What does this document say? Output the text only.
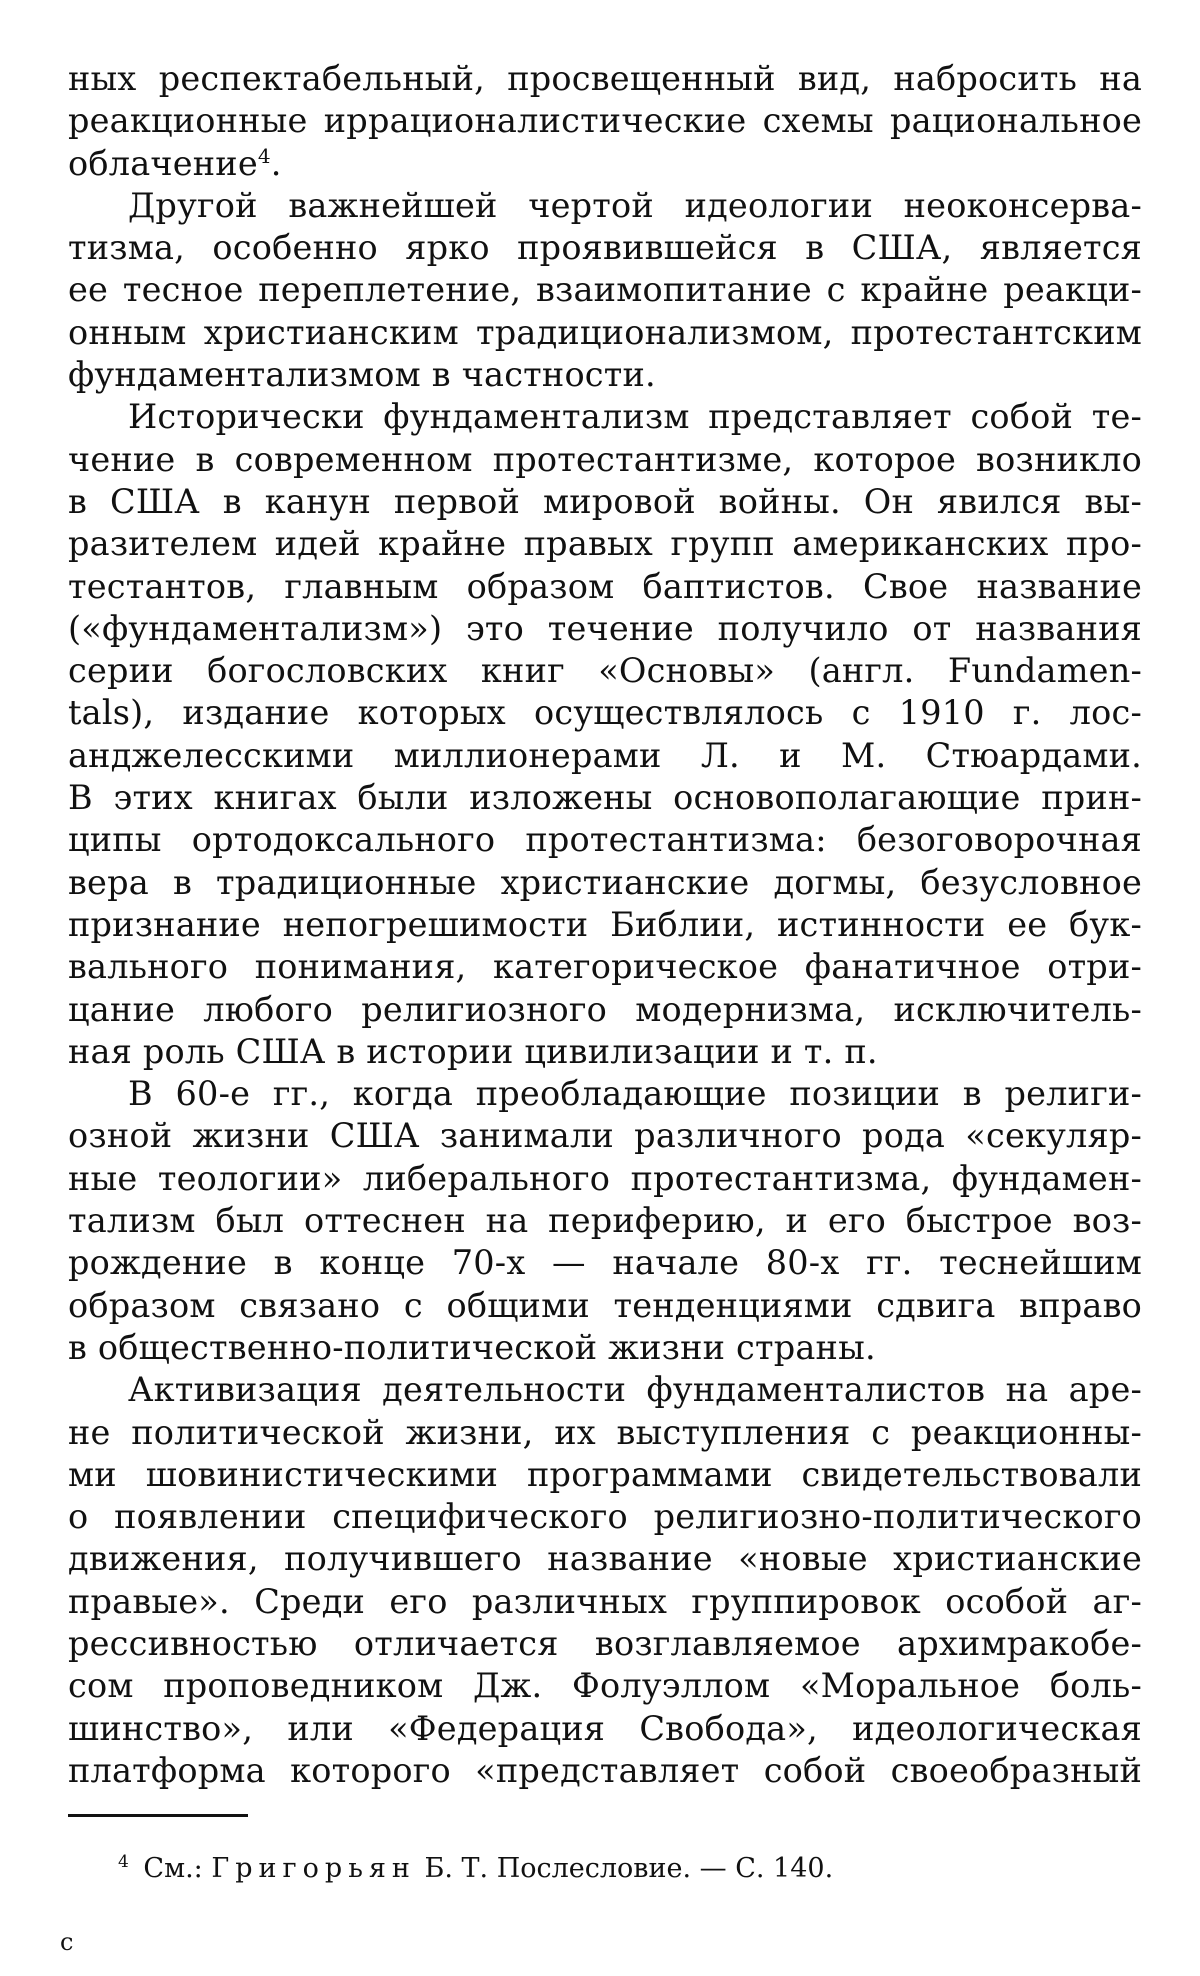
ных респектабельный, просвещенный вид, набросить на
реакционные иррационалистические схемы рациональное
облачение$^4$.
Другой важнейшей чертой идеологии неоконсерва-
тизма, особенно ярко проявившейся в США, является
ее тесное переплетение, взаимопитание с крайне реакци-
онным христианским традиционализмом, протестантским
фундаментализмом в частности.
Исторически фундаментализм представляет собой те-
чение в современном протестантизме, которое возникло
в США в канун первой мировой войны. Он явился вы-
разителем идей крайне правых групп американских про-
тестантов, главным образом баптистов. Свое название
(«фундаментализм») это течение получило от названия
серии богословских книг «Основы» (англ. Fundamen-
tals), издание которых осуществлялось с 1910 г. лос-
анджелесскими миллионерами Л. и М. Стюардами.
В этих книгах были изложены основополагающие прин-
ципы ортодоксального протестантизма: безоговорочная
вера в традиционные христианские догмы, безусловное
признание непогрешимости Библии, истинности ее бук-
вального понимания, категорическое фанатичное отри-
цание любого религиозного модернизма, исключитель-
ная роль США в истории цивилизации и т. п.
В 60-е гг., когда преобладающие позиции в религи-
озной жизни США занимали различного рода «секуляр-
ные теологии» либерального протестантизма, фундамен-
тализм был оттеснен на периферию, и его быстрое воз-
рождение в конце 70-х — начале 80-х гг. теснейшим
образом связано с общими тенденциями сдвига вправо
в общественно-политической жизни страны.
Активизация деятельности фундаменталистов на аре-
не политической жизни, их выступления с реакционны-
ми шовинистическими программами свидетельствовали
о появлении специфического религиозно-политического
движения, получившего название «новые христианские
правые». Среди его различных группировок особой аг-
рессивностью отличается возглавляемое архимракобе-
сом проповедником Дж. Фолуэллом «Моральное боль-
шинство», или «Федерация Свобода», идеологическая
платформа которого «представляет собой своеобразный
$^4$ См.: Григорьян Б. Т. Послесловие. — С. 140.
с
